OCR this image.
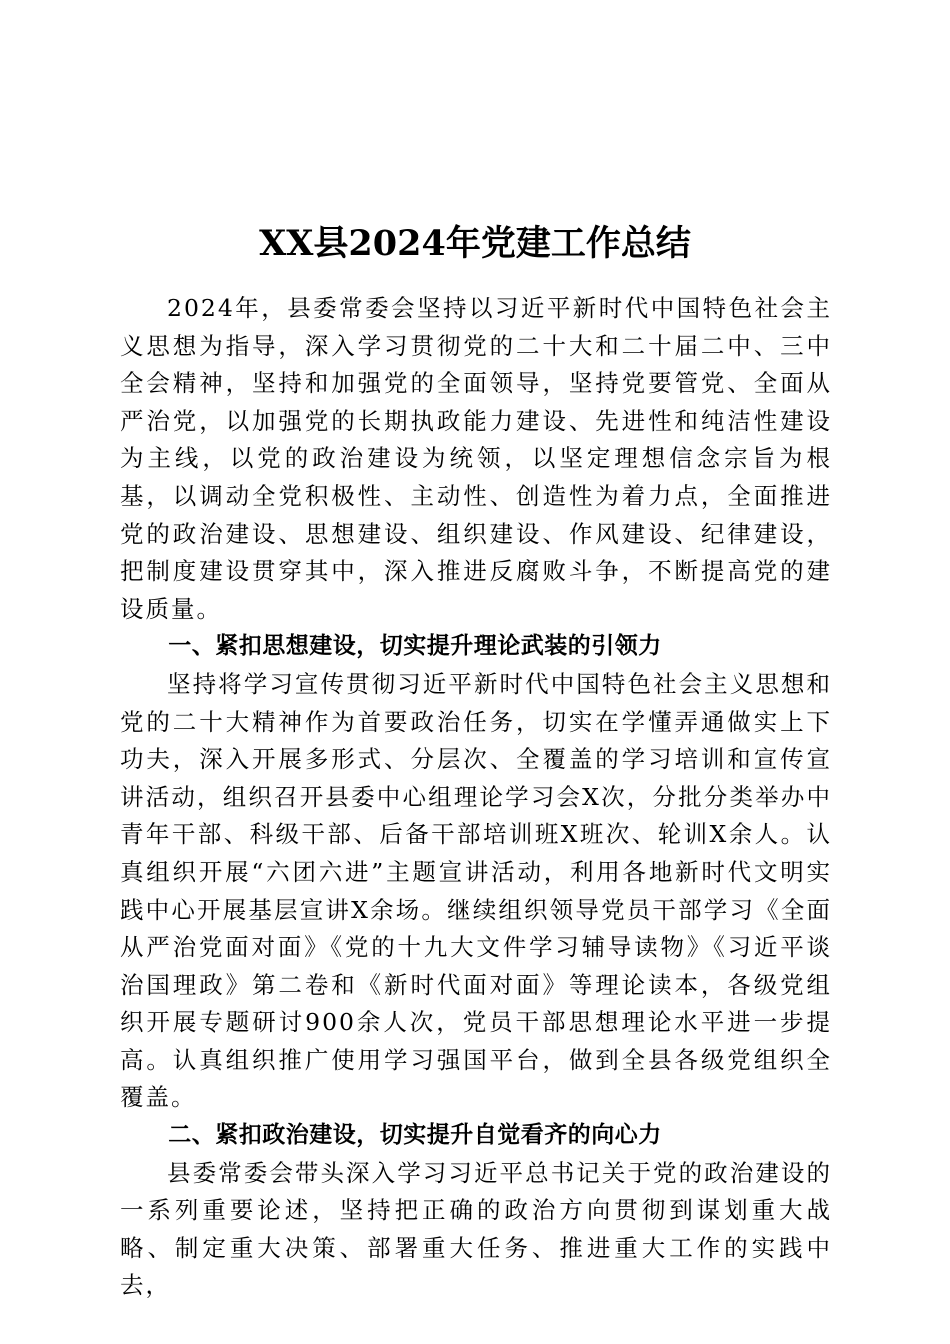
XX县2024年党建工作总结

2024年，县委常委会坚持以习近平新时代中国特色社会主义思想为指导，深入学习贯彻党的二十大和二十届二中、三中全会精神，坚持和加强党的全面领导，坚持党要管党、全面从严治党，以加强党的长期执政能力建设、先进性和纯洁性建设为主线，以党的政治建设为统领，以坚定理想信念宗旨为根基，以调动全党积极性、主动性、创造性为着力点，全面推进党的政治建设、思想建设、组织建设、作风建设、纪律建设，把制度建设贯穿其中，深入推进反腐败斗争，不断提高党的建设质量。

一、紧扣思想建设，切实提升理论武装的引领力

坚持将学习宣传贯彻习近平新时代中国特色社会主义思想和党的二十大精神作为首要政治任务，切实在学懂弄通做实上下功夫，深入开展多形式、分层次、全覆盖的学习培训和宣传宣讲活动，组织召开县委中心组理论学习会X次，分批分类举办中青年干部、科级干部、后备干部培训班X班次、轮训X余人。认真组织开展“六团六进”主题宣讲活动，利用各地新时代文明实践中心开展基层宣讲X余场。继续组织领导党员干部学习《全面从严治党面对面》《党的十九大文件学习辅导读物》《习近平谈治国理政》第二卷和《新时代面对面》等理论读本，各级党组织开展专题研讨900余人次，党员干部思想理论水平进一步提高。认真组织推广使用学习强国平台，做到全县各级党组织全覆盖。

二、紧扣政治建设，切实提升自觉看齐的向心力

县委常委会带头深入学习习近平总书记关于党的政治建设的一系列重要论述，坚持把正确的政治方向贯彻到谋划重大战略、制定重大决策、部署重大任务、推进重大工作的实践中去，
